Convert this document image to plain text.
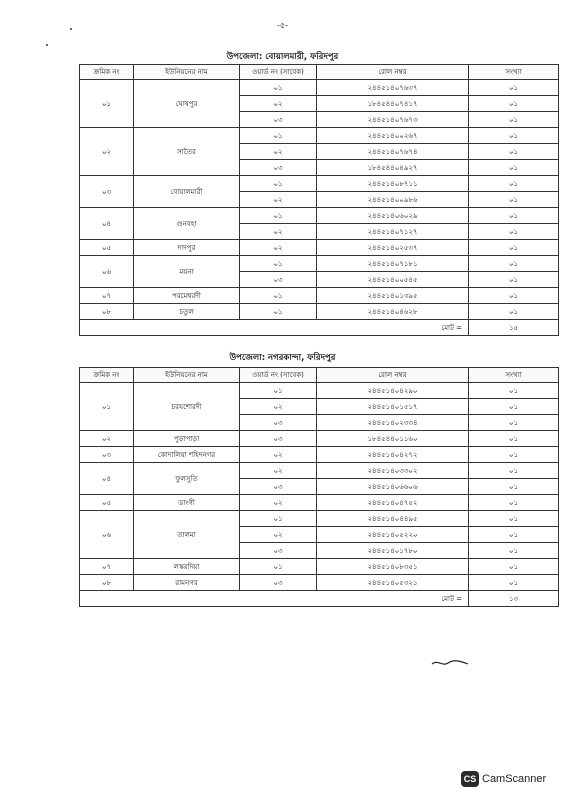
-৫-
উপজেলা: বোয়ালমারী, ফরিদপুর
ক্রমিক নং	ইউনিয়নের নাম	ওয়ার্ড নং (সাবেক)	রোল নম্বর	সংখ্যা
০১	ঘোষপুর	০১	২৪৪৫১৪০৭৬৩৭	০১
		০২	১৮৪৫৪৪০৭৪১৭	০১
		০৩	২৪৪৫১৪০৭৬৭৩	০১
০২	সাতৈর	০১	২৪৪৫১৪০০২৬৭	০১
		০২	২৪৪৫১৪০৭৬৭৪	০১
		০৩	১৮৪৫৪৪০৪৯২৭	০১
০৩	বোয়ালমারী	০১	২৪৪৫১৪০৮৭১১	০১
		০২	২৪৪৫১৪০০৯৮৬	০১
০৪	গুনবহা	০১	২৪৪৫১৪০৬০২৯	০১
		০২	২৪৪৫১৪০৭১২৭	০১
০৫	দাদপুর	০২	২৪৪৫১৪০২৫৩৭	০১
০৬	ময়না	০১	২৪৪৫১৪০৭১৮১	০১
		০৩	২৪৪৫১৪০০৫৪৫	০১
০৭	পরমেশ্বরদী	০১	২৪৪৫১৪০১৩৯৫	০১
০৮	চতুল	০১	২৪৪৫১৪০৪৬২৮	০১
মোট =				১৫
উপজেলা: নগরকান্দা, ফরিদপুর
ক্রমিক নং	ইউনিয়নের নাম	ওয়ার্ড নং (সাবেক)	রোল নম্বর	সংখ্যা
০১	চরযশোরদী	০১	২৪৪৫১৪০৪২৯০	০১
		০২	২৪৪৫১৪০১৫১৭	০১
		০৩	২৪৪৫১৪০২৩৩৪	০১
০২	পুড়াপাড়া	০৩	১৮৪৫৪৪০১১৬০	০১
০৩	কোদালিয়া শহিদনগর	০২	২৪৪৫১৪০৪২৭২	০১
০৪	ফুলসুতি	০২	২৪৪৫১৪০৩৩০২	০১
		০৩	২৪৪৫১৪০৬৬০৬	০১
০৫	ডাংগী	০২	২৪৪৫১৪০৪৭৫২	০১
০৬	তালমা	০১	২৪৪৫১৪০৪৪৯৫	০১
		০২	২৪৪৫১৪০৫২২০	০১
		০৩	২৪৪৫১৪০১৭৮০	০১
০৭	লস্করদিয়া	০১	২৪৪৫১৪০৮৩৫১	০১
০৮	রামনগর	০৩	২৪৪৫১৪০৫৩২১	০১
মোট =				১৩
CS CamScanner
